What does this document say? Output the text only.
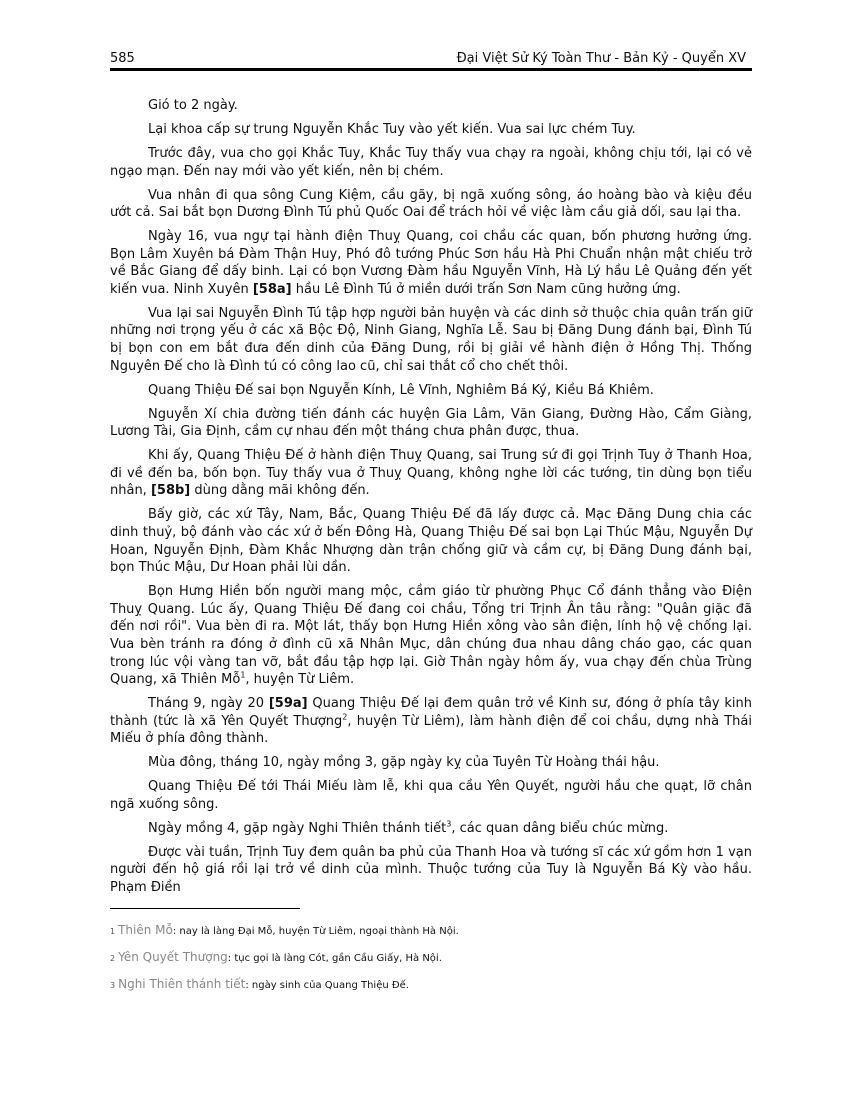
585	Đại Việt Sử Ký Toàn Thư - Bản Kỷ - Quyển XV

Gió to 2 ngày.

Lại khoa cấp sự trung Nguyễn Khắc Tuy vào yết kiến. Vua sai lực chém Tuy.

Trước đây, vua cho gọi Khắc Tuy, Khắc Tuy thấy vua chạy ra ngoài, không chịu tới, lại có vẻ ngạo mạn. Đến nay mới vào yết kiến, nên bị chém.

Vua nhân đi qua sông Cung Kiệm, cầu gãy, bị ngã xuống sông, áo hoàng bào và kiệu đều ướt cả. Sai bắt bọn Dương Đình Tú phủ Quốc Oai để trách hỏi về việc làm cầu giả dối, sau lại tha.

Ngày 16, vua ngự tại hành điện Thuỵ Quang, coi chầu các quan, bốn phương hưởng ứng. Bọn Lâm Xuyên bá Đàm Thận Huy, Phó đô tướng Phúc Sơn hầu Hà Phi Chuẩn nhận mật chiếu trở về Bắc Giang để dấy binh. Lại có bọn Vương Đàm hầu Nguyễn Vĩnh, Hà Lý hầu Lê Quảng đến yết kiến vua. Ninh Xuyên [58a] hầu Lê Đình Tú ở miền dưới trấn Sơn Nam cũng hưởng ứng.

Vua lại sai Nguyễn Đình Tú tập hợp người bản huyện và các dinh sở thuộc chia quân trấn giữ những nơi trọng yếu ở các xã Bộc Độ, Ninh Giang, Nghĩa Lễ. Sau bị Đăng Dung đánh bại, Đình Tú bị bọn con em bắt đưa đến dinh của Đăng Dung, rồi bị giải về hành điện ở Hồng Thị. Thống Nguyên Đế cho là Đình tú có công lao cũ, chỉ sai thắt cổ cho chết thôi.

Quang Thiệu Đế sai bọn Nguyễn Kính, Lê Vĩnh, Nghiêm Bá Ký, Kiều Bá Khiêm.

Nguyễn Xí chia đường tiến đánh các huyện Gia Lâm, Văn Giang, Đường Hào, Cẩm Giàng, Lương Tài, Gia Định, cầm cự nhau đến một tháng chưa phân được, thua.

Khi ấy, Quang Thiệu Đế ở hành điện Thuỵ Quang, sai Trung sứ đi gọi Trịnh Tuy ở Thanh Hoa, đi về đến ba, bốn bọn. Tuy thấy vua ở Thuỵ Quang, không nghe lời các tướng, tin dùng bọn tiểu nhân, [58b] dùng dằng mãi không đến.

Bấy giờ, các xứ Tây, Nam, Bắc, Quang Thiệu Đế đã lấy được cả. Mạc Đăng Dung chia các dinh thuỷ, bộ đánh vào các xứ ở bến Đông Hà, Quang Thiệu Đế sai bọn Lại Thúc Mậu, Nguyễn Dự Hoan, Nguyễn Định, Đàm Khắc Nhượng dàn trận chống giữ và cầm cự, bị Đăng Dung đánh bại, bọn Thúc Mậu, Dư Hoan phải lùi dần.

Bọn Hưng Hiền bốn người mang mộc, cầm giáo từ phường Phục Cổ đánh thẳng vào Điện Thuỵ Quang. Lúc ấy, Quang Thiệu Đế đang coi chầu, Tổng tri Trịnh Ân tâu rằng: "Quân giặc đã đến nơi rồi". Vua bèn đi ra. Một lát, thấy bọn Hưng Hiền xông vào sân điện, lính hộ vệ chống lại. Vua bèn tránh ra đóng ở đình cũ xã Nhân Mục, dân chúng đua nhau dâng cháo gạo, các quan trong lúc vội vàng tan vỡ, bắt đầu tập hợp lại. Giờ Thân ngày hôm ấy, vua chạy đến chùa Trùng Quang, xã Thiên Mỗ$^1$, huyện Từ Liêm.

Tháng 9, ngày 20 [59a] Quang Thiệu Đế lại đem quân trở về Kinh sư, đóng ở phía tây kinh thành (tức là xã Yên Quyết Thượng$^2$, huyện Từ Liêm), làm hành điện để coi chầu, dựng nhà Thái Miếu ở phía đông thành.

Mùa đông, tháng 10, ngày mồng 3, gặp ngày kỵ của Tuyên Từ Hoàng thái hậu.

Quang Thiệu Đế tới Thái Miếu làm lễ, khi qua cầu Yên Quyết, người hầu che quạt, lỡ chân ngã xuống sông.

Ngày mồng 4, gặp ngày Nghi Thiên thánh tiết$^3$, các quan dâng biểu chúc mừng.

Được vài tuần, Trịnh Tuy đem quân ba phủ của Thanh Hoa và tướng sĩ các xứ gồm hơn 1 vạn người đến hộ giá rồi lại trở về dinh của mình. Thuộc tướng của Tuy là Nguyễn Bá Kỳ vào hầu. Phạm Điền

1 Thiên Mỗ: nay là làng Đại Mỗ, huyện Từ Liêm, ngoại thành Hà Nội.
2 Yên Quyết Thượng: tục gọi là làng Cót, gần Cầu Giấy, Hà Nội.
3 Nghi Thiên thánh tiết: ngày sinh của Quang Thiệu Đế.
